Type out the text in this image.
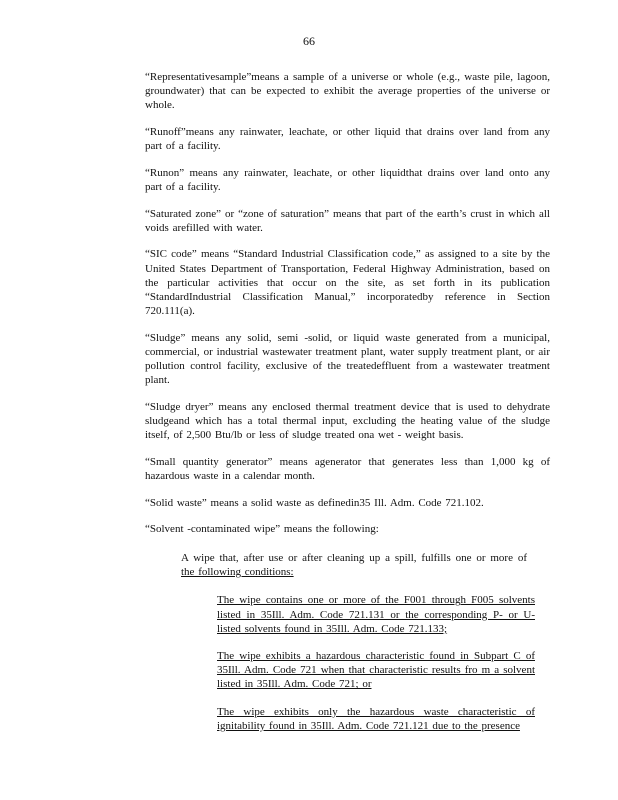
66

“Representativesample”means a sample of a universe or whole (e.g., waste pile, lagoon, groundwater) that can be expected to exhibit the average properties of the universe or whole.

“Runoff”means any rainwater, leachate, or other liquid that drains over land from any part of a facility.

“Runon” means any rainwater, leachate, or other liquidthat drains over land onto any part of a facility.

“Saturated zone” or “zone of saturation” means that part of the earth’s crust in which all voids arefilled with water.

“SIC code” means “Standard Industrial Classification code,” as assigned to a site by the United States Department of Transportation, Federal Highway Administration, based on the particular activities that occur on the site, as set forth in its publication “StandardIndustrial Classification Manual,” incorporatedby reference in Section 720.111(a).

“Sludge” means any solid, semi -solid, or liquid waste generated from a municipal, commercial, or industrial wastewater treatment plant, water supply treatment plant, or air pollution control facility, exclusive of the treatedeffluent from a wastewater treatment plant.

“Sludge dryer” means any enclosed thermal treatment device that is used to dehydrate sludgeand which has a total thermal input, excluding the heating value of the sludge itself, of 2,500 Btu/lb or less of sludge treated ona wet - weight basis.

“Small quantity generator” means agenerator that generates less than 1,000 kg of hazardous waste in a calendar month.

“Solid waste” means a solid waste as definedin35 Ill. Adm. Code 721.102.

“Solvent -contaminated wipe” means the following:

A wipe that, after use or after cleaning up a spill, fulfills one or more of the following conditions:
The wipe contains one or more of the F001 through F005 solvents listed in 35Ill. Adm. Code 721.131 or the corresponding P- or U-listed solvents found in 35Ill. Adm. Code 721.133;
The wipe exhibits a hazardous characteristic found in Subpart C of 35Ill. Adm. Code 721 when that characteristic results fro m a solvent listed in 35Ill. Adm. Code 721; or
The wipe exhibits only the hazardous waste characteristic of ignitability found in 35Ill. Adm. Code 721.121 due to the presence
